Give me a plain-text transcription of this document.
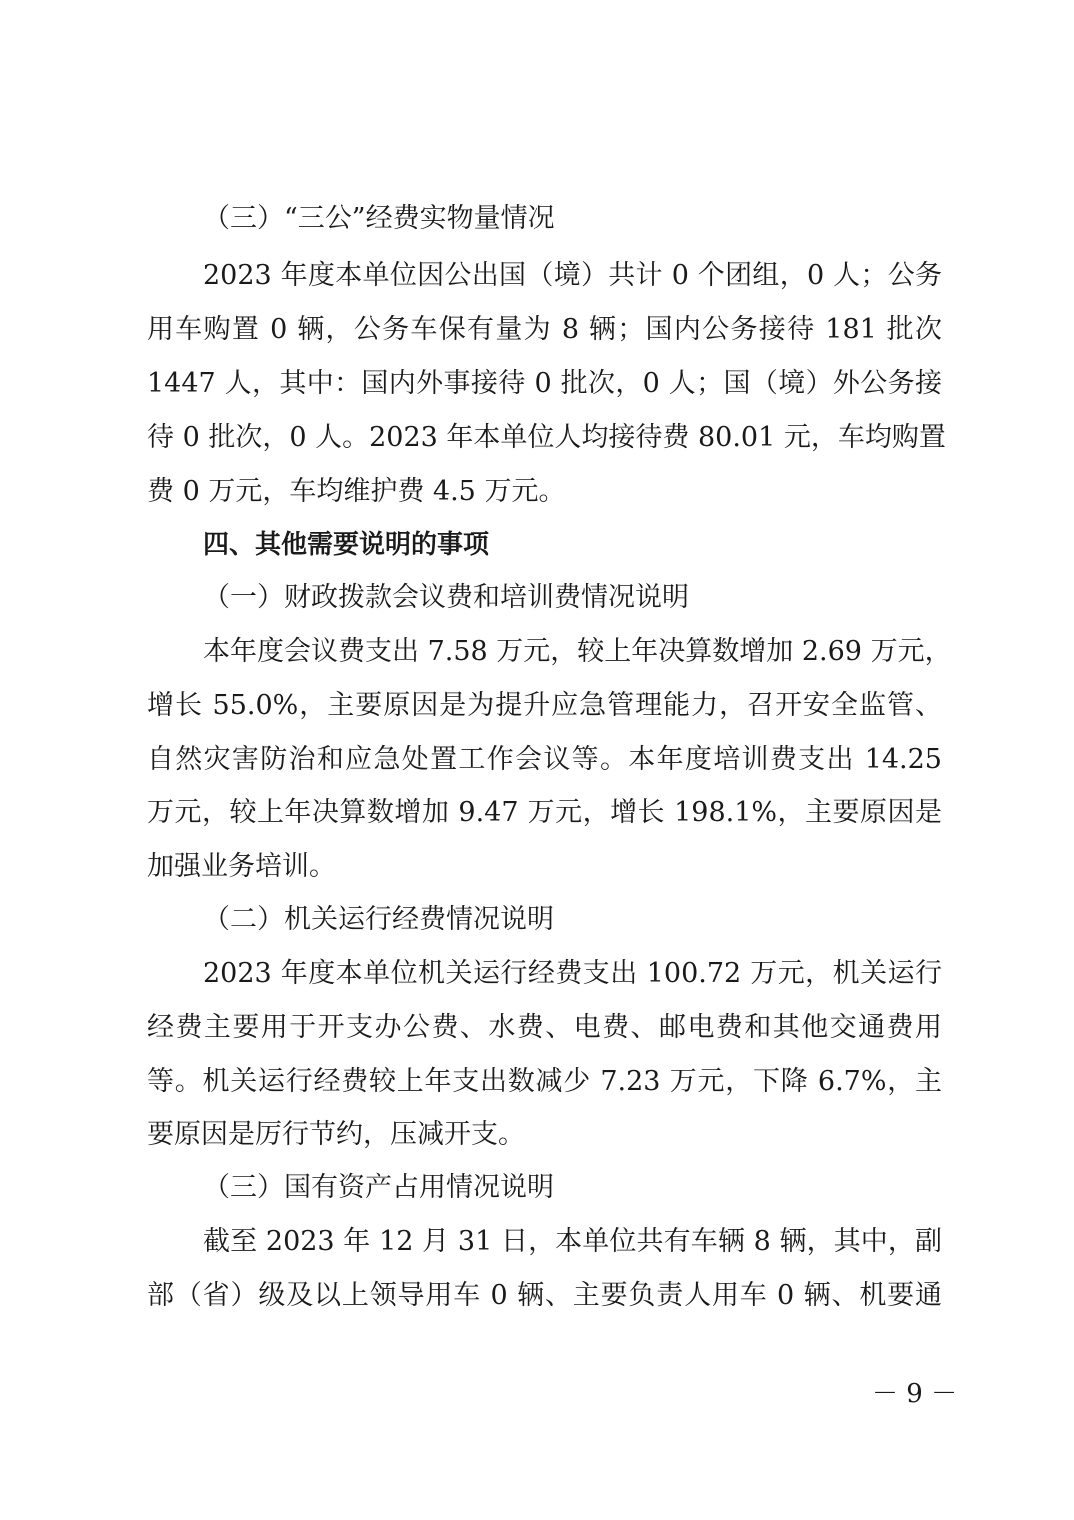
（三）“三公”经费实物量情况
2023 年度本单位因公出国（境）共计 0 个团组，0 人；公务
用车购置 0 辆，公务车保有量为 8 辆；国内公务接待 181 批次
1447 人，其中：国内外事接待 0 批次，0 人；国（境）外公务接
待 0 批次，0 人。2023 年本单位人均接待费 80.01 元，车均购置
费 0 万元，车均维护费 4.5 万元。
四、其他需要说明的事项
（一）财政拨款会议费和培训费情况说明
本年度会议费支出 7.58 万元，较上年决算数增加 2.69 万元，
增长 55.0%，主要原因是为提升应急管理能力，召开安全监管、
自然灾害防治和应急处置工作会议等。本年度培训费支出 14.25
万元，较上年决算数增加 9.47 万元，增长 198.1%，主要原因是
加强业务培训。
（二）机关运行经费情况说明
2023 年度本单位机关运行经费支出 100.72 万元，机关运行
经费主要用于开支办公费、水费、电费、邮电费和其他交通费用
等。机关运行经费较上年支出数减少 7.23 万元，下降 6.7%，主
要原因是厉行节约，压减开支。
（三）国有资产占用情况说明
截至 2023 年 12 月 31 日，本单位共有车辆 8 辆，其中，副
部（省）级及以上领导用车 0 辆、主要负责人用车 0 辆、机要通
－ 9 －
